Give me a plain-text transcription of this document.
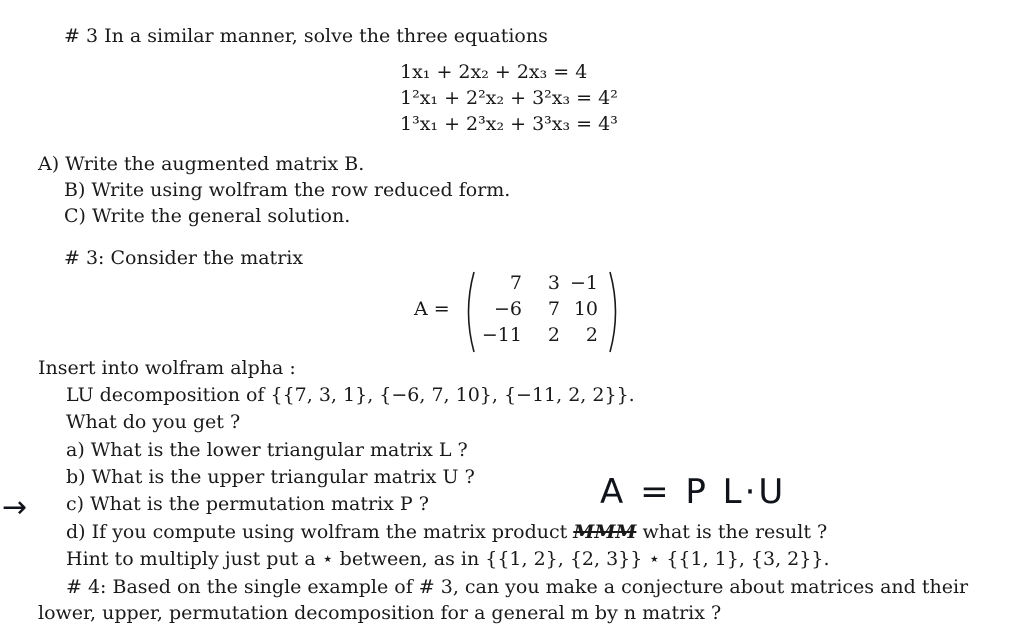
# 3 In a similar manner, solve the three equations
1x₁ + 2x₂ + 2x₃ = 4
1²x₁ + 2²x₂ + 3²x₃ = 4²
1³x₁ + 2³x₂ + 3³x₃ = 4³
A) Write the augmented matrix B.
B) Write using wolfram the row reduced form.
C) Write the general solution.
# 3: Consider the matrix
A =
7	3 −1
−6	7 10
−11	2	2
Insert into wolfram alpha :
LU decomposition of {{7, 3, 1}, {−6, 7, 10}, {−11, 2, 2}}.
What do you get ?
a) What is the lower triangular matrix L ?
b) What is the upper triangular matrix U ?
c) What is the permutation matrix P ?
d) If you compute using wolfram the matrix product MMM what is the result ?
Hint to multiply just put a ⋆ between, as in {{1, 2}, {2, 3}} ⋆ {{1, 1}, {3, 2}}.
# 4: Based on the single example of # 3, can you make a conjecture about matrices and their
lower, upper, permutation decomposition for a general m by n matrix ?
A = P L·U
→
